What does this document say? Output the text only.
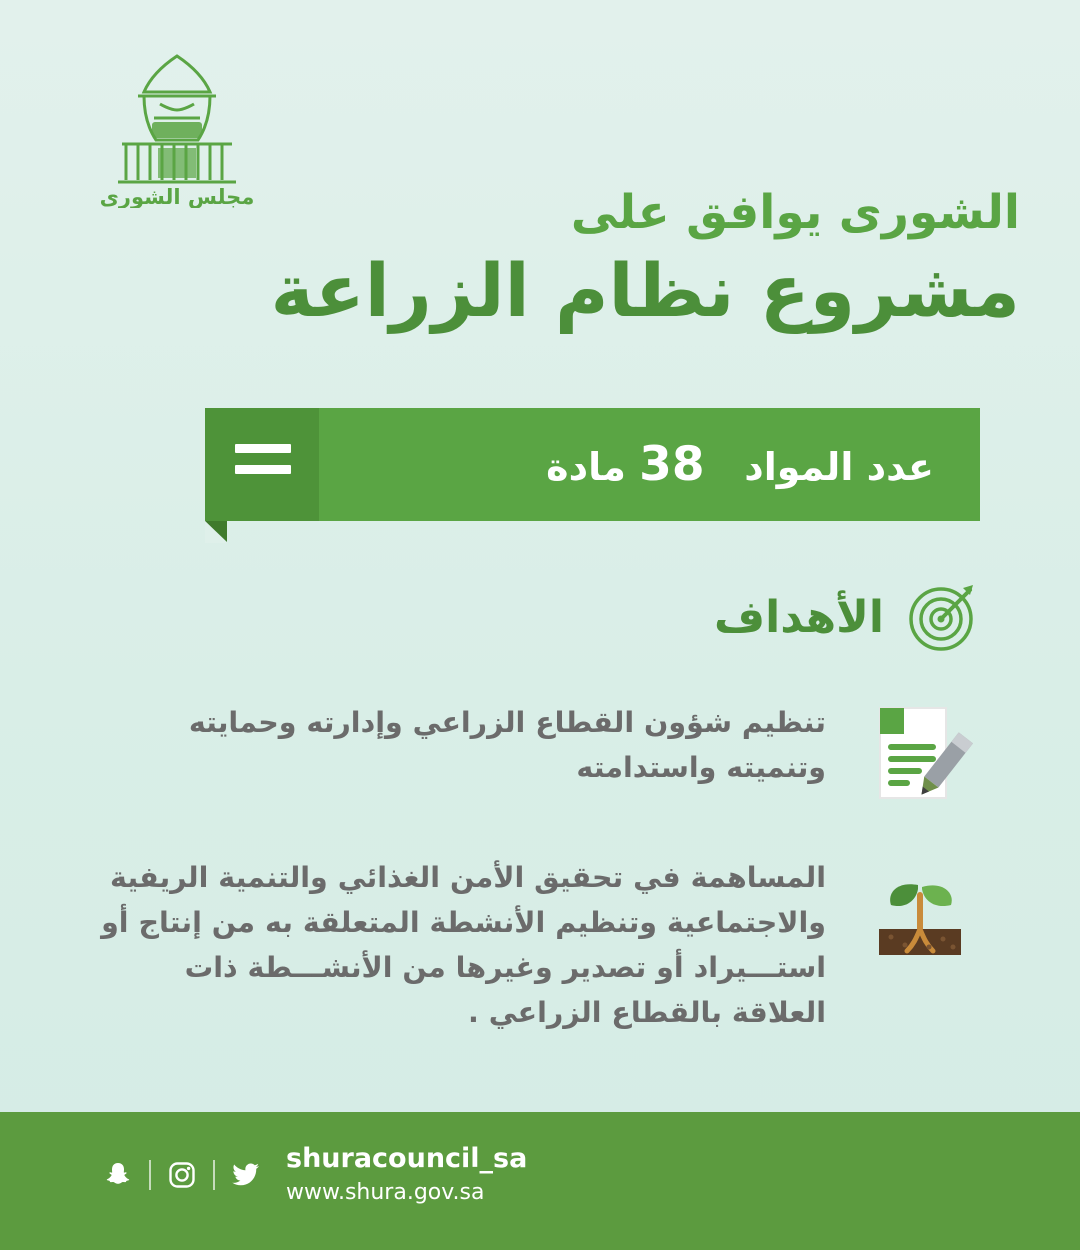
مجلس الشورى	الشورى يوافق على
مشروع نظام الزراعة
عدد المواد   38 مادة
الأهداف
تنظيم شؤون القطاع الزراعي وإدارته وحمايته وتنميته واستدامته
المساهمة في تحقيق الأمن الغذائي والتنمية الريفية والاجتماعية وتنظيم الأنشطة المتعلقة به من إنتاج أو استـــيراد أو تصدير وغيرها من الأنشـــطة ذات العلاقة بالقطاع الزراعي .
shuracouncil_sa
www.shura.gov.sa
